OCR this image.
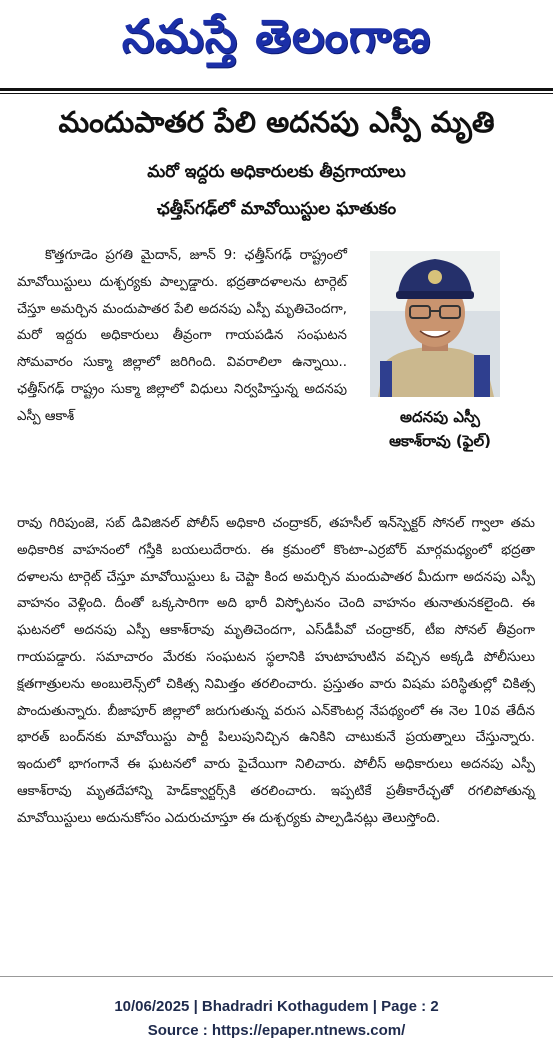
నమస్తే తెలంగాణ
మందుపాతర పేలి అదనపు ఎస్పీ మృతి
మరో ఇద్దరు అధికారులకు తీవ్రగాయాలు
ఛత్తీస్‌గఢ్‌లో మావోయిస్టుల ఘాతుకం
అదనపు ఎస్పీ
ఆకాశ్‌రావు (ఫైల్)

కొత్తగూడెం ప్రగతి మైదాన్, జూన్ 9: ఛత్తీస్‌గఢ్ రాష్ట్రంలో మావోయిస్టులు దుశ్చర్యకు పాల్పడ్డారు. భద్రతాదళాలను టార్గెట్ చేస్తూ అమర్చిన మందుపాతర పేలి అదనపు ఎస్పీ మృతిచెందగా, మరో ఇద్దరు అధికారులు తీవ్రంగా గాయపడిన సంఘటన సోమవారం సుక్మా జిల్లాలో జరిగింది. వివరాలిలా ఉన్నాయి.. ఛత్తీస్‌గఢ్ రాష్ట్రం సుక్మా జిల్లాలో విధులు నిర్వహిస్తున్న అదనపు ఎస్పీ ఆకాశ్

రావు గిరిపుంజె, సబ్ డివిజినల్ పోలీస్ అధికారి చంద్రాకర్, తహసీల్ ఇన్‌స్పెక్టర్ సోనల్ గ్వాలా తమ అధికారిక వాహనంలో గస్తీకి బయలుదేరారు. ఈ క్రమంలో కొంటా-ఎర్రబోర్ మార్గమధ్యంలో భద్రతా దళాలను టార్గెట్ చేస్తూ మావోయిస్టులు ఓ చెప్టా కింద అమర్చిన మందుపాతర మీదుగా అదనపు ఎస్పీ వాహనం వెళ్లింది. దీంతో ఒక్కసారిగా అది భారీ విస్ఫోటనం చెంది వాహనం తునాతునకలైంది. ఈ ఘటనలో అదనపు ఎస్పీ ఆకాశ్‌రావు మృతిచెందగా, ఎస్‌డీపీవో చంద్రాకర్, టీఐ సోనల్ తీవ్రంగా గాయపడ్డారు. సమాచారం మేరకు సంఘటన స్థలానికి హుటాహుటిన వచ్చిన అక్కడి పోలీసులు క్షతగాత్రులను అంబులెన్స్‌లో చికిత్స నిమిత్తం తరలించారు. ప్రస్తుతం వారు విషమ పరిస్థితుల్లో చికిత్స పొందుతున్నారు. బీజాపూర్ జిల్లాలో జరుగుతున్న వరుస ఎన్‌కౌంటర్ల నేపథ్యంలో ఈ నెల 10వ తేదీన భారత్ బంద్‌నకు మావోయిస్టు పార్టీ పిలుపునిచ్చిన ఉనికిని చాటుకునే ప్రయత్నాలు చేస్తున్నారు. ఇందులో భాగంగానే ఈ ఘటనలో వారు పైచేయిగా నిలిచారు. పోలీస్ అధికారులు అదనపు ఎస్పీ ఆకాశ్‌రావు మృతదేహాన్ని హెడ్‌క్వార్టర్స్‌కి తరలించారు. ఇప్పటికే ప్రతీకారేచ్ఛతో రగలిపోతున్న మావోయిస్టులు అదునుకోసం ఎదురుచూస్తూ ఈ దుశ్చర్యకు పాల్పడినట్లు తెలుస్తోంది.

10/06/2025 | Bhadradri Kothagudem | Page : 2
Source : https://epaper.ntnews.com/
